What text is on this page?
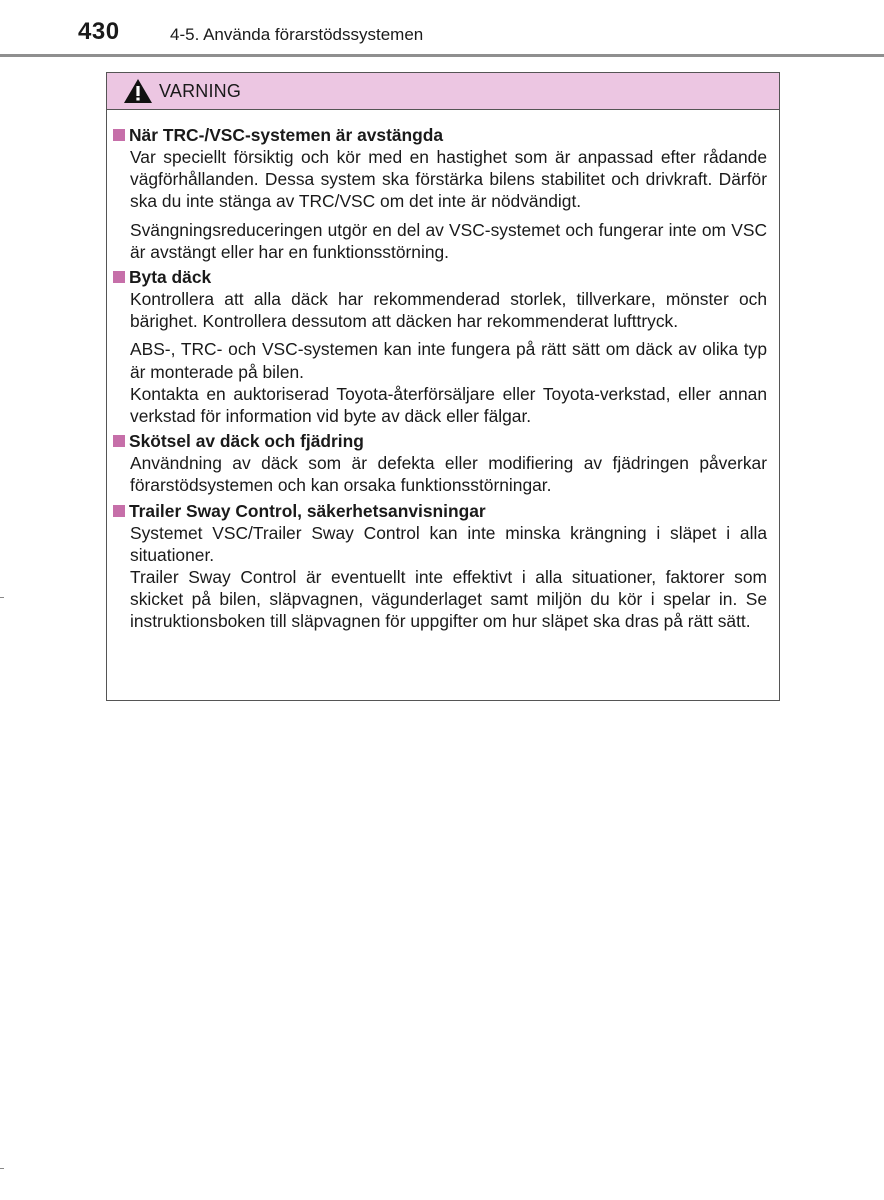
430	4-5. Använda förarstödssystemen
VARNING
När TRC-/VSC-systemen är avstängda

Var speciellt försiktig och kör med en hastighet som är anpassad efter rådande vägförhållanden. Dessa system ska förstärka bilens stabilitet och drivkraft. Därför ska du inte stänga av TRC/VSC om det inte är nödvändigt.

Svängningsreduceringen utgör en del av VSC-systemet och fungerar inte om VSC är avstängt eller har en funktionsstörning.

Byta däck

Kontrollera att alla däck har rekommenderad storlek, tillverkare, mönster och bärighet. Kontrollera dessutom att däcken har rekommenderat lufttryck.

ABS-, TRC- och VSC-systemen kan inte fungera på rätt sätt om däck av olika typ är monterade på bilen.

Kontakta en auktoriserad Toyota-återförsäljare eller Toyota-verkstad, eller annan verkstad för information vid byte av däck eller fälgar.

Skötsel av däck och fjädring

Användning av däck som är defekta eller modifiering av fjädringen påverkar förarstödsystemen och kan orsaka funktionsstörningar.

Trailer Sway Control, säkerhetsanvisningar

Systemet VSC/Trailer Sway Control kan inte minska krängning i släpet i alla situationer.

Trailer Sway Control är eventuellt inte effektivt i alla situationer, faktorer som skicket på bilen, släpvagnen, vägunderlaget samt miljön du kör i spelar in. Se instruktionsboken till släpvagnen för uppgifter om hur släpet ska dras på rätt sätt.
